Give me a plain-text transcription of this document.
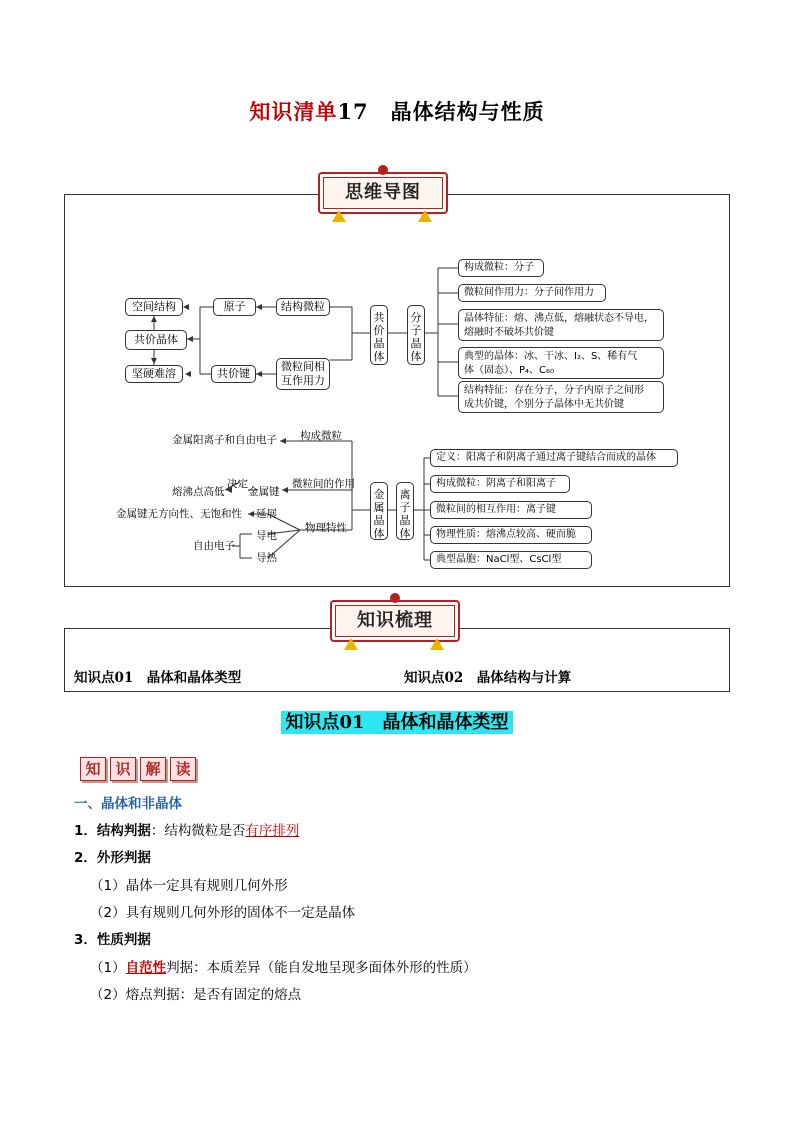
知识清单17　 晶体结构与性质
思维导图
空间结构
共价晶体
坚硬难溶
原子
共价键
结构微粒
微粒间相
互作用力
共
价
晶
体
分
子
晶
体
构成微粒：分子
微粒间作用力：分子间作用力
晶体特征：熔、沸点低，熔融状态不导电，
熔融时不破坏共价键
典型的晶体：冰、干冰、I₂、S、稀有气
体（固态）、P₄、C₆₀
结构特征：存在分子，分子内原子之间形
成共价键，个别分子晶体中无共价键
金属阳离子和自由电子 构成微粒
熔沸点高低
决定
金属键
微粒间的作用
金属键无方向性、无饱和性 延展
物理特性
自由电子
导电
导热
金
属
晶
体
离
子
晶
体
定义：阳离子和阴离子通过离子键结合而成的晶体
构成微粒：阴离子和阳离子
微粒间的相互作用：离子键
物理性质：熔沸点较高、硬而脆
典型晶胞：NaCl型、CsCl型
知识梳理
知识点01　晶体和晶体类型	知识点02　晶体结构与计算
知识点01　晶体和晶体类型
知 识 解 读
一、晶体和非晶体
1．结构判据：结构微粒是否有序排列
2．外形判据
（1）晶体一定具有规则几何外形
（2）具有规则几何外形的固体不一定是晶体
3．性质判据
（1）自范性判据：本质差异（能自发地呈现多面体外形的性质）
（2）熔点判据：是否有固定的熔点
